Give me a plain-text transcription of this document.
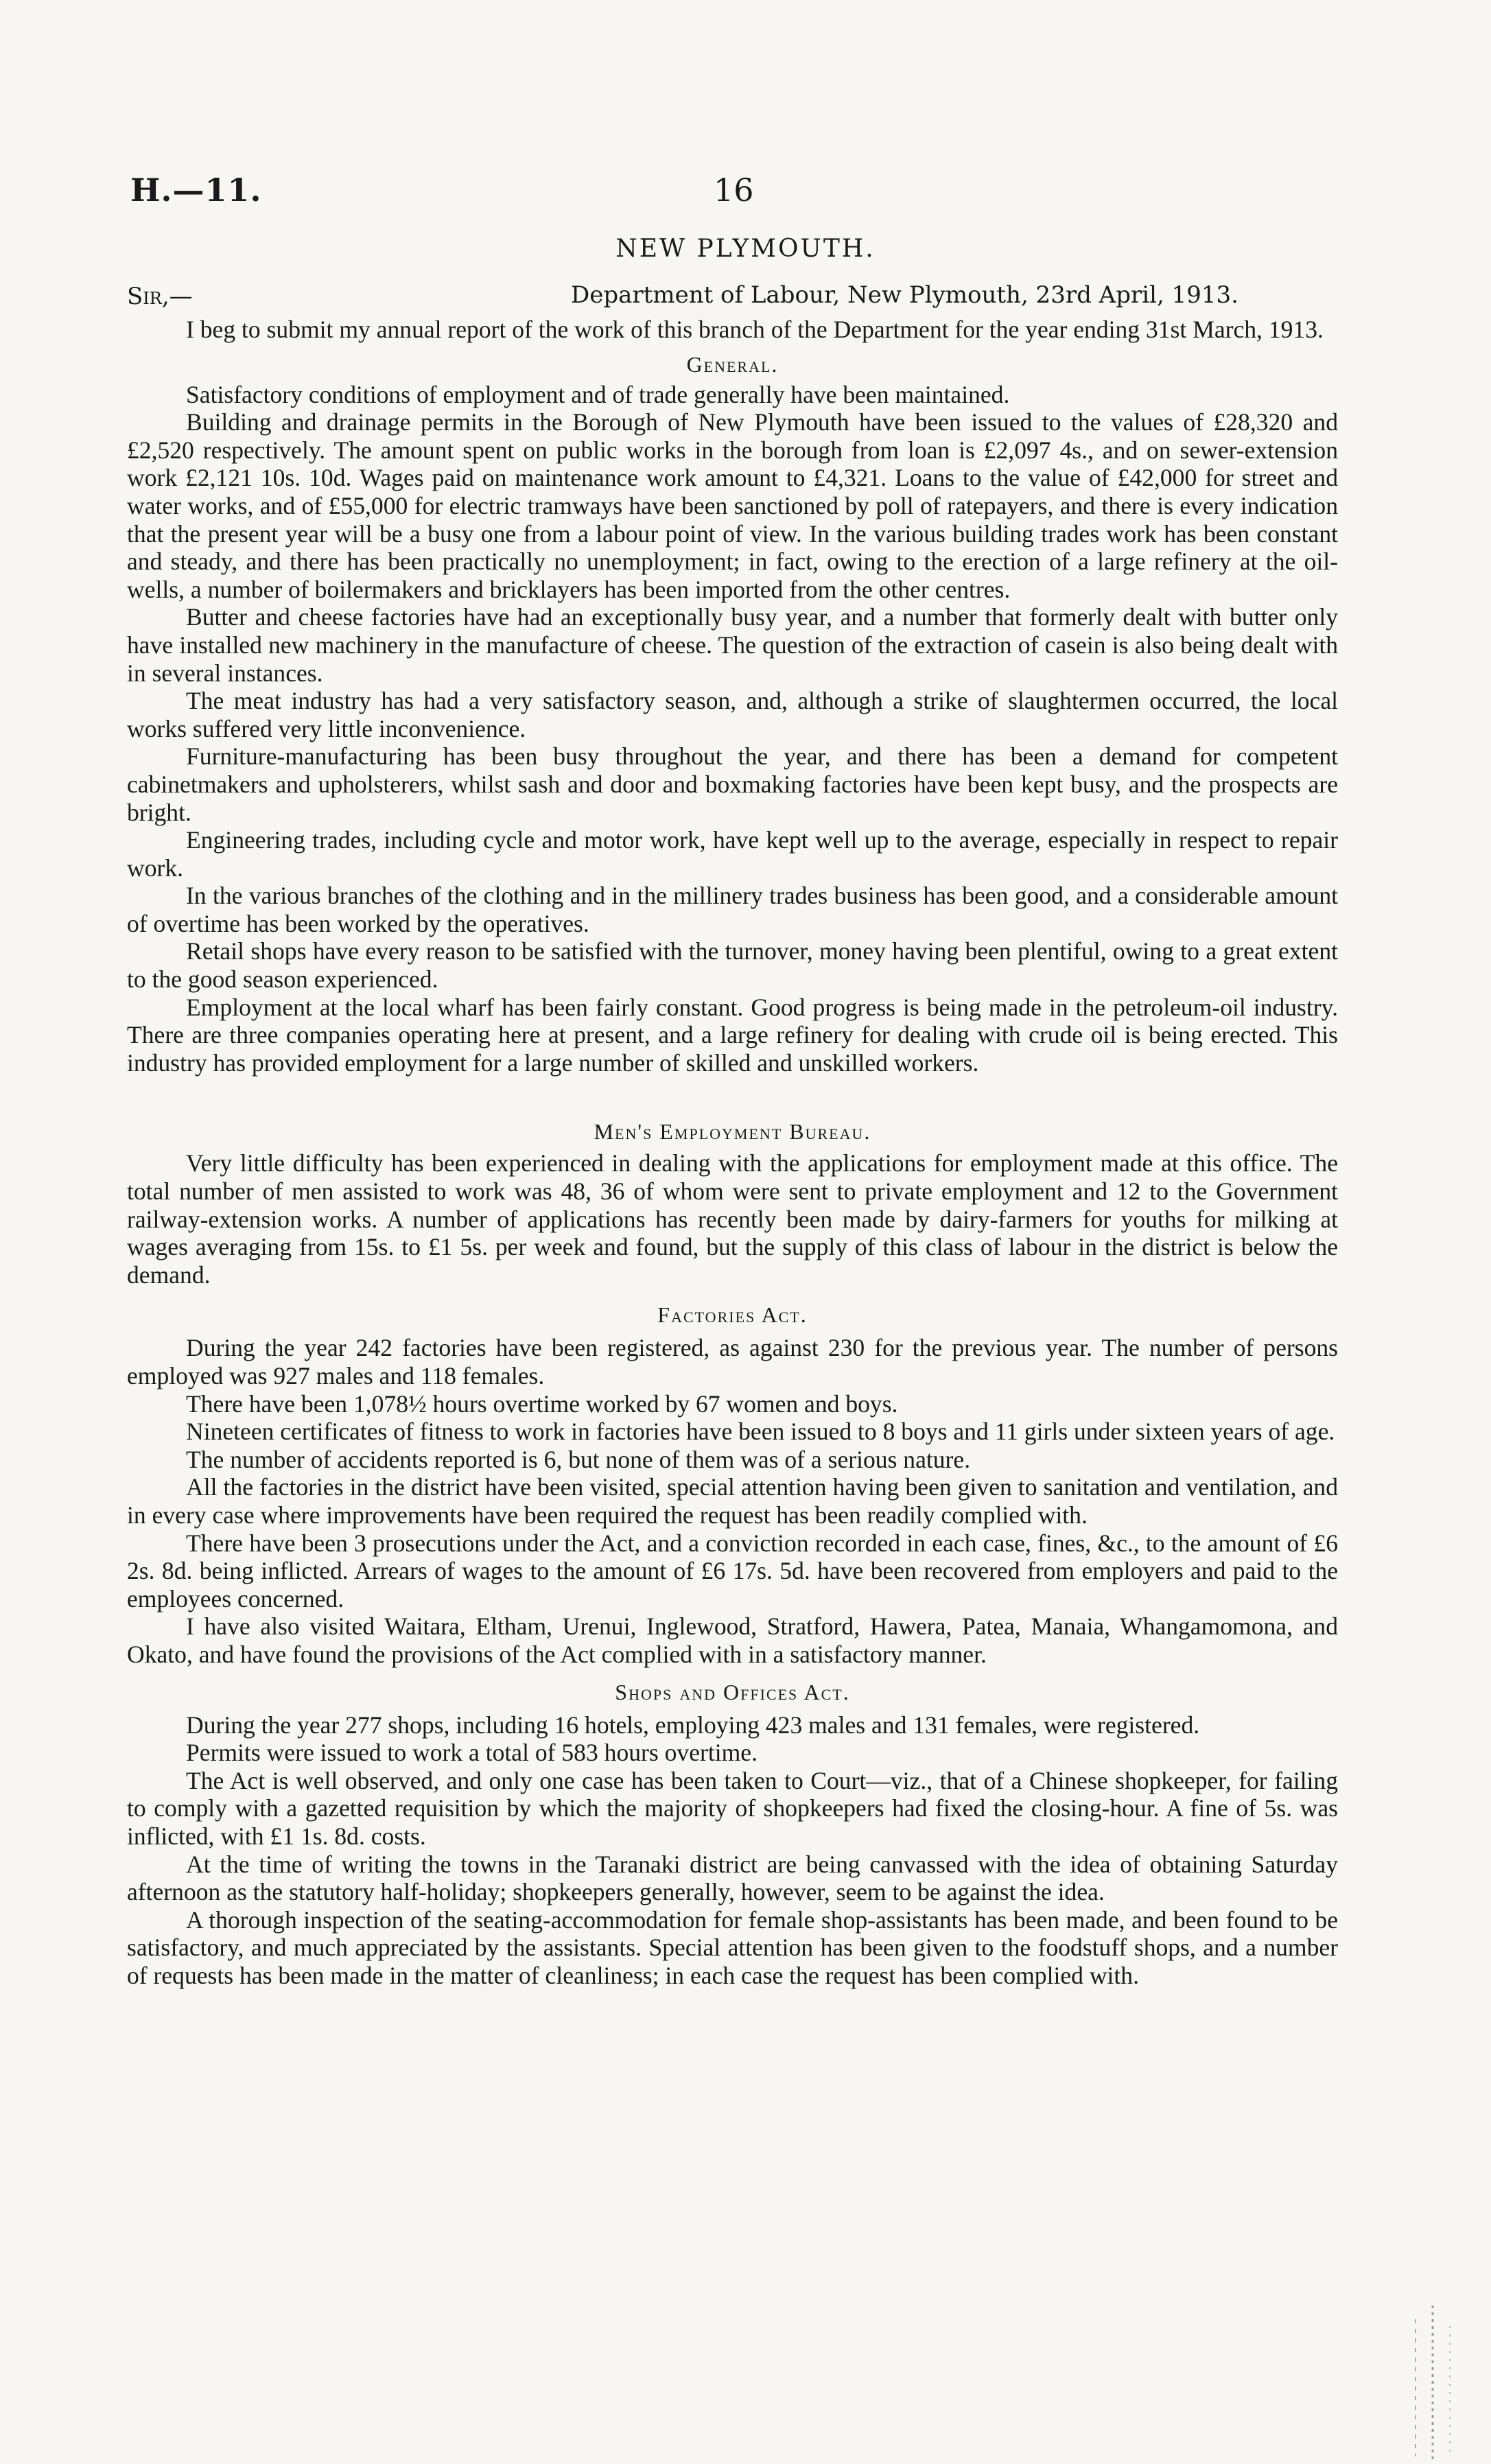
H.—11.	16
NEW PLYMOUTH.
Sir,—	Department of Labour, New Plymouth, 23rd April, 1913.

I beg to submit my annual report of the work of this branch of the Department for the year ending 31st March, 1913.

General.

Satisfactory conditions of employment and of trade generally have been maintained.

Building and drainage permits in the Borough of New Plymouth have been issued to the values of £28,320 and £2,520 respectively. The amount spent on public works in the borough from loan is £2,097 4s., and on sewer-extension work £2,121 10s. 10d. Wages paid on maintenance work amount to £4,321. Loans to the value of £42,000 for street and water works, and of £55,000 for electric tramways have been sanctioned by poll of ratepayers, and there is every indication that the present year will be a busy one from a labour point of view. In the various building trades work has been constant and steady, and there has been practically no unemployment; in fact, owing to the erection of a large refinery at the oil-wells, a number of boilermakers and bricklayers has been imported from the other centres.

Butter and cheese factories have had an exceptionally busy year, and a number that formerly dealt with butter only have installed new machinery in the manufacture of cheese. The question of the extraction of casein is also being dealt with in several instances.

The meat industry has had a very satisfactory season, and, although a strike of slaughtermen occurred, the local works suffered very little inconvenience.

Furniture-manufacturing has been busy throughout the year, and there has been a demand for competent cabinetmakers and upholsterers, whilst sash and door and boxmaking factories have been kept busy, and the prospects are bright.

Engineering trades, including cycle and motor work, have kept well up to the average, especially in respect to repair work.

In the various branches of the clothing and in the millinery trades business has been good, and a considerable amount of overtime has been worked by the operatives.

Retail shops have every reason to be satisfied with the turnover, money having been plentiful, owing to a great extent to the good season experienced.

Employment at the local wharf has been fairly constant. Good progress is being made in the petroleum-oil industry. There are three companies operating here at present, and a large refinery for dealing with crude oil is being erected. This industry has provided employment for a large number of skilled and unskilled workers.

Men's Employment Bureau.

Very little difficulty has been experienced in dealing with the applications for employment made at this office. The total number of men assisted to work was 48, 36 of whom were sent to private employment and 12 to the Government railway-extension works. A number of applications has recently been made by dairy-farmers for youths for milking at wages averaging from 15s. to £1 5s. per week and found, but the supply of this class of labour in the district is below the demand.

Factories Act.

During the year 242 factories have been registered, as against 230 for the previous year. The number of persons employed was 927 males and 118 females.

There have been 1,078½ hours overtime worked by 67 women and boys.

Nineteen certificates of fitness to work in factories have been issued to 8 boys and 11 girls under sixteen years of age.

The number of accidents reported is 6, but none of them was of a serious nature.

All the factories in the district have been visited, special attention having been given to sanitation and ventilation, and in every case where improvements have been required the request has been readily complied with.

There have been 3 prosecutions under the Act, and a conviction recorded in each case, fines, &c., to the amount of £6 2s. 8d. being inflicted. Arrears of wages to the amount of £6 17s. 5d. have been recovered from employers and paid to the employees concerned.

I have also visited Waitara, Eltham, Urenui, Inglewood, Stratford, Hawera, Patea, Manaia, Whangamomona, and Okato, and have found the provisions of the Act complied with in a satisfactory manner.

Shops and Offices Act.

During the year 277 shops, including 16 hotels, employing 423 males and 131 females, were registered.

Permits were issued to work a total of 583 hours overtime.

The Act is well observed, and only one case has been taken to Court—viz., that of a Chinese shopkeeper, for failing to comply with a gazetted requisition by which the majority of shopkeepers had fixed the closing-hour. A fine of 5s. was inflicted, with £1 1s. 8d. costs.

At the time of writing the towns in the Taranaki district are being canvassed with the idea of obtaining Saturday afternoon as the statutory half-holiday; shopkeepers generally, however, seem to be against the idea.

A thorough inspection of the seating-accommodation for female shop-assistants has been made, and been found to be satisfactory, and much appreciated by the assistants. Special attention has been given to the foodstuff shops, and a number of requests has been made in the matter of cleanliness; in each case the request has been complied with.
